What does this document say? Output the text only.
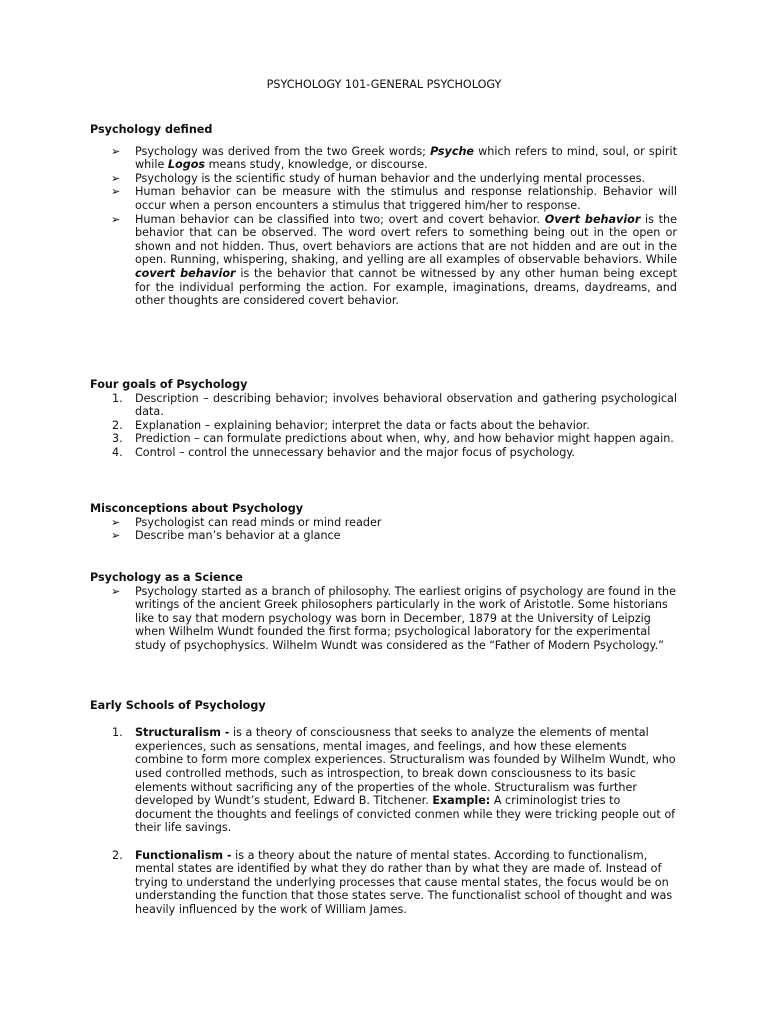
PSYCHOLOGY 101-GENERAL PSYCHOLOGY
Psychology defined
➢ Psychology was derived from the two Greek words; Psyche which refers to mind, soul, or spirit while Logos means study, knowledge, or discourse.
➢ Psychology is the scientific study of human behavior and the underlying mental processes.
➢ Human behavior can be measure with the stimulus and response relationship. Behavior will occur when a person encounters a stimulus that triggered him/her to response.
➢ Human behavior can be classified into two; overt and covert behavior. Overt behavior is the behavior that can be observed. The word overt refers to something being out in the open or shown and not hidden. Thus, overt behaviors are actions that are not hidden and are out in the open. Running, whispering, shaking, and yelling are all examples of observable behaviors. While covert behavior is the behavior that cannot be witnessed by any other human being except for the individual performing the action. For example, imaginations, dreams, daydreams, and other thoughts are considered covert behavior.
Four goals of Psychology
1. Description – describing behavior; involves behavioral observation and gathering psychological data.
2. Explanation – explaining behavior; interpret the data or facts about the behavior.
3. Prediction – can formulate predictions about when, why, and how behavior might happen again.
4. Control – control the unnecessary behavior and the major focus of psychology.
Misconceptions about Psychology
➢ Psychologist can read minds or mind reader
➢ Describe man’s behavior at a glance
Psychology as a Science
➢ Psychology started as a branch of philosophy. The earliest origins of psychology are found in the writings of the ancient Greek philosophers particularly in the work of Aristotle. Some historians like to say that modern psychology was born in December, 1879 at the University of Leipzig when Wilhelm Wundt founded the first forma; psychological laboratory for the experimental study of psychophysics. Wilhelm Wundt was considered as the “Father of Modern Psychology.”
Early Schools of Psychology
1. Structuralism - is a theory of consciousness that seeks to analyze the elements of mental experiences, such as sensations, mental images, and feelings, and how these elements combine to form more complex experiences. Structuralism was founded by Wilhelm Wundt, who used controlled methods, such as introspection, to break down consciousness to its basic elements without sacrificing any of the properties of the whole. Structuralism was further developed by Wundt’s student, Edward B. Titchener. Example: A criminologist tries to document the thoughts and feelings of convicted conmen while they were tricking people out of their life savings.
2. Functionalism - is a theory about the nature of mental states. According to functionalism, mental states are identified by what they do rather than by what they are made of. Instead of trying to understand the underlying processes that cause mental states, the focus would be on understanding the function that those states serve. The functionalist school of thought and was heavily influenced by the work of William James.
